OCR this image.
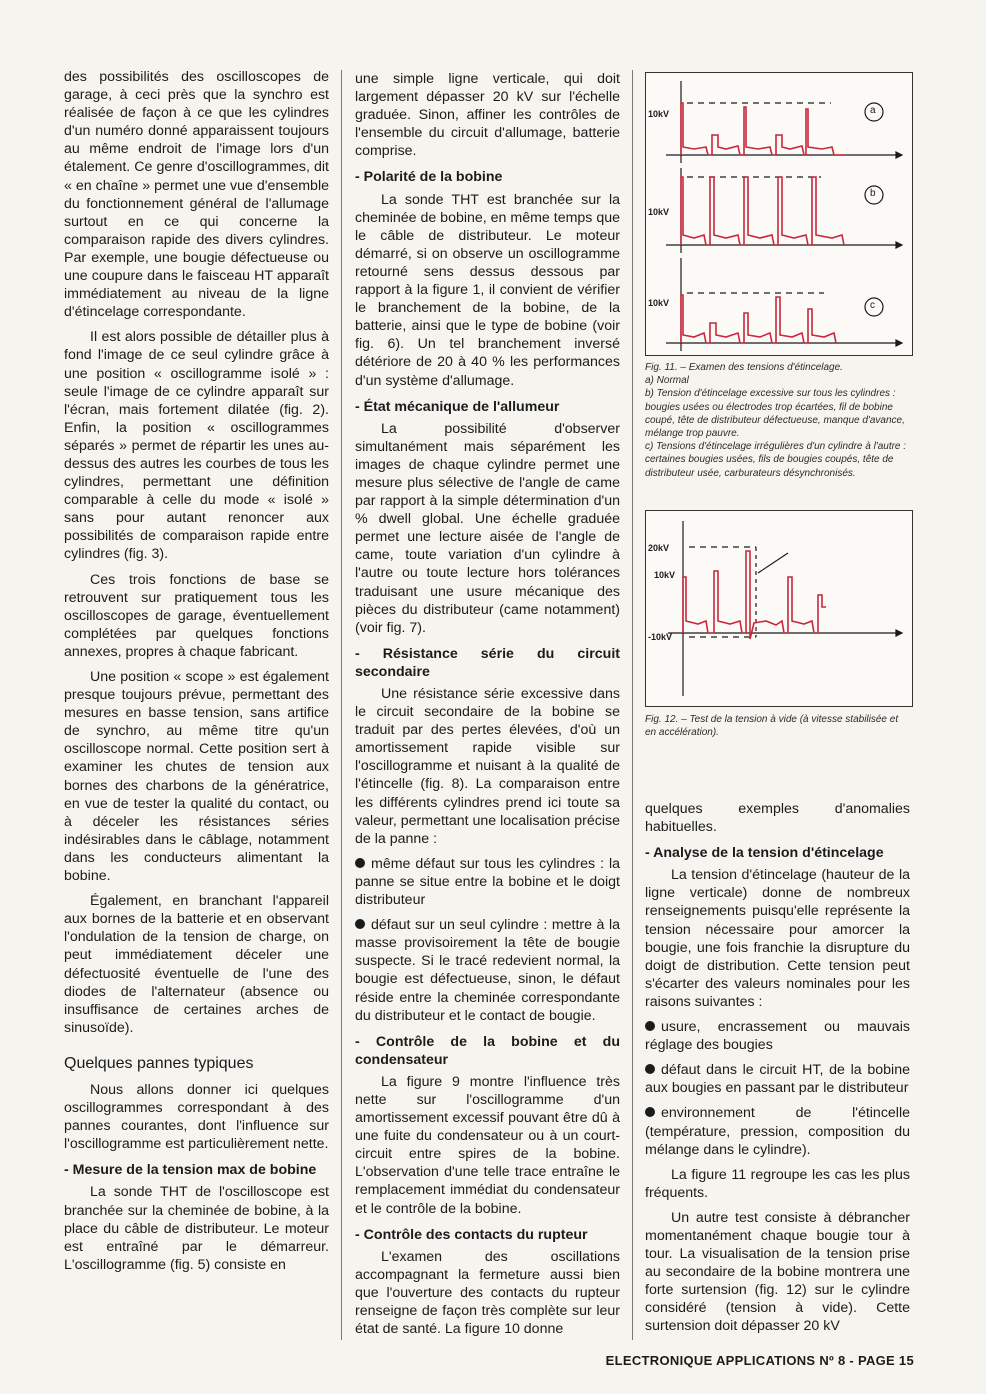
des possibilités des oscilloscopes de garage, à ceci près que la synchro est réalisée de façon à ce que les cylindres d'un numéro donné apparaissent toujours au même endroit de l'image lors d'un étalement. Ce genre d'oscillogrammes, dit « en chaîne » permet une vue d'ensemble du fonctionnement général de l'allumage surtout en ce qui concerne la comparaison rapide des divers cylindres. Par exemple, une bougie défectueuse ou une coupure dans le faisceau HT apparaît immédiatement au niveau de la ligne d'étincelage correspondante.

Il est alors possible de détailler plus à fond l'image de ce seul cylindre grâce à une position « oscillogramme isolé » : seule l'image de ce cylindre apparaît sur l'écran, mais fortement dilatée (fig. 2). Enfin, la position « oscillogrammes séparés » permet de répartir les unes au-dessus des autres les courbes de tous les cylindres, permettant une définition comparable à celle du mode « isolé » sans pour autant renoncer aux possibilités de comparaison rapide entre cylindres (fig. 3).

Ces trois fonctions de base se retrouvent sur pratiquement tous les oscilloscopes de garage, éventuellement complétées par quelques fonctions annexes, propres à chaque fabricant.

Une position « scope » est également presque toujours prévue, permettant des mesures en basse tension, sans artifice de synchro, au même titre qu'un oscilloscope normal. Cette position sert à examiner les chutes de tension aux bornes des charbons de la génératrice, en vue de tester la qualité du contact, ou à déceler les résistances séries indésirables dans le câblage, notamment dans les conducteurs alimentant la bobine.

Également, en branchant l'appareil aux bornes de la batterie et en observant l'ondulation de la tension de charge, on peut immédiatement déceler une défectuosité éventuelle de l'une des diodes de l'alternateur (absence ou insuffisance de certaines arches de sinusoïde).

Quelques pannes typiques

Nous allons donner ici quelques oscillogrammes correspondant à des pannes courantes, dont l'influence sur l'oscillogramme est particulièrement nette.

- Mesure de la tension max de bobine

La sonde THT de l'oscilloscope est branchée sur la cheminée de bobine, à la place du câble de distributeur. Le moteur est entraîné par le démarreur. L'oscillogramme (fig. 5) consiste en

une simple ligne verticale, qui doit largement dépasser 20 kV sur l'échelle graduée. Sinon, affiner les contrôles de l'ensemble du circuit d'allumage, batterie comprise.

- Polarité de la bobine

La sonde THT est branchée sur la cheminée de bobine, en même temps que le câble de distributeur. Le moteur démarré, si on observe un oscillogramme retourné sens dessus dessous par rapport à la figure 1, il convient de vérifier le branchement de la bobine, de la batterie, ainsi que le type de bobine (voir fig. 6). Un tel branchement inversé détériore de 20 à 40 % les performances d'un système d'allumage.

- État mécanique de l'allumeur

La possibilité d'observer simultanément mais séparément les images de chaque cylindre permet une mesure plus sélective de l'angle de came par rapport à la simple détermination d'un % dwell global. Une échelle graduée permet une lecture aisée de l'angle de came, toute variation d'un cylindre à l'autre ou toute lecture hors tolérances traduisant une usure mécanique des pièces du distributeur (came notamment) (voir fig. 7).

- Résistance série du circuit secondaire

Une résistance série excessive dans le circuit secondaire de la bobine se traduit par des pertes élevées, d'où un amortissement rapide visible sur l'oscillogramme et nuisant à la qualité de l'étincelle (fig. 8). La comparaison entre les différents cylindres prend ici toute sa valeur, permettant une localisation précise de la panne :

même défaut sur tous les cylindres : la panne se situe entre la bobine et le doigt distributeur

défaut sur un seul cylindre : mettre à la masse provisoirement la tête de bougie suspecte. Si le tracé redevient normal, la bougie est défectueuse, sinon, le défaut réside entre la cheminée correspondante du distributeur et le contact de bougie.

- Contrôle de la bobine et du condensateur

La figure 9 montre l'influence très nette sur l'oscillogramme d'un amortissement excessif pouvant être dû à une fuite du condensateur ou à un court-circuit entre spires de la bobine. L'observation d'une telle trace entraîne le remplacement immédiat du condensateur et le contrôle de la bobine.

- Contrôle des contacts du rupteur

L'examen des oscillations accompagnant la fermeture aussi bien que l'ouverture des contacts du rupteur renseigne de façon très complète sur leur état de santé. La figure 10 donne

10kV
10kV
10kV
a
b
c
Fig. 11. – Examen des tensions d'étincelage.
a) Normal
b) Tension d'étincelage excessive sur tous les cylindres : bougies usées ou électrodes trop écartées, fil de bobine coupé, tête de distributeur défectueuse, manque d'avance, mélange trop pauvre.
c) Tensions d'étincelage irrégulières d'un cylindre à l'autre : certaines bougies usées, fils de bougies coupés, tête de distributeur usée, carburateurs désynchronisés.
20kV
10kV
-10kV
Fig. 12. – Test de la tension à vide (à vitesse stabilisée et en accélération).

quelques exemples d'anomalies habituelles.

- Analyse de la tension d'étincelage

La tension d'étincelage (hauteur de la ligne verticale) donne de nombreux renseignements puisqu'elle représente la tension nécessaire pour amorcer la bougie, une fois franchie la disrupture du doigt de distribution. Cette tension peut s'écarter des valeurs nominales pour les raisons suivantes :

usure, encrassement ou mauvais réglage des bougies

défaut dans le circuit HT, de la bobine aux bougies en passant par le distributeur

environnement de l'étincelle (température, pression, composition du mélange dans le cylindre).

La figure 11 regroupe les cas les plus fréquents.

Un autre test consiste à débrancher momentanément chaque bougie tour à tour. La visualisation de la tension prise au secondaire de la bobine montrera une forte surtension (fig. 12) sur le cylindre considéré (tension à vide). Cette surtension doit dépasser 20 kV

ELECTRONIQUE APPLICATIONS Nº 8 - PAGE 15
